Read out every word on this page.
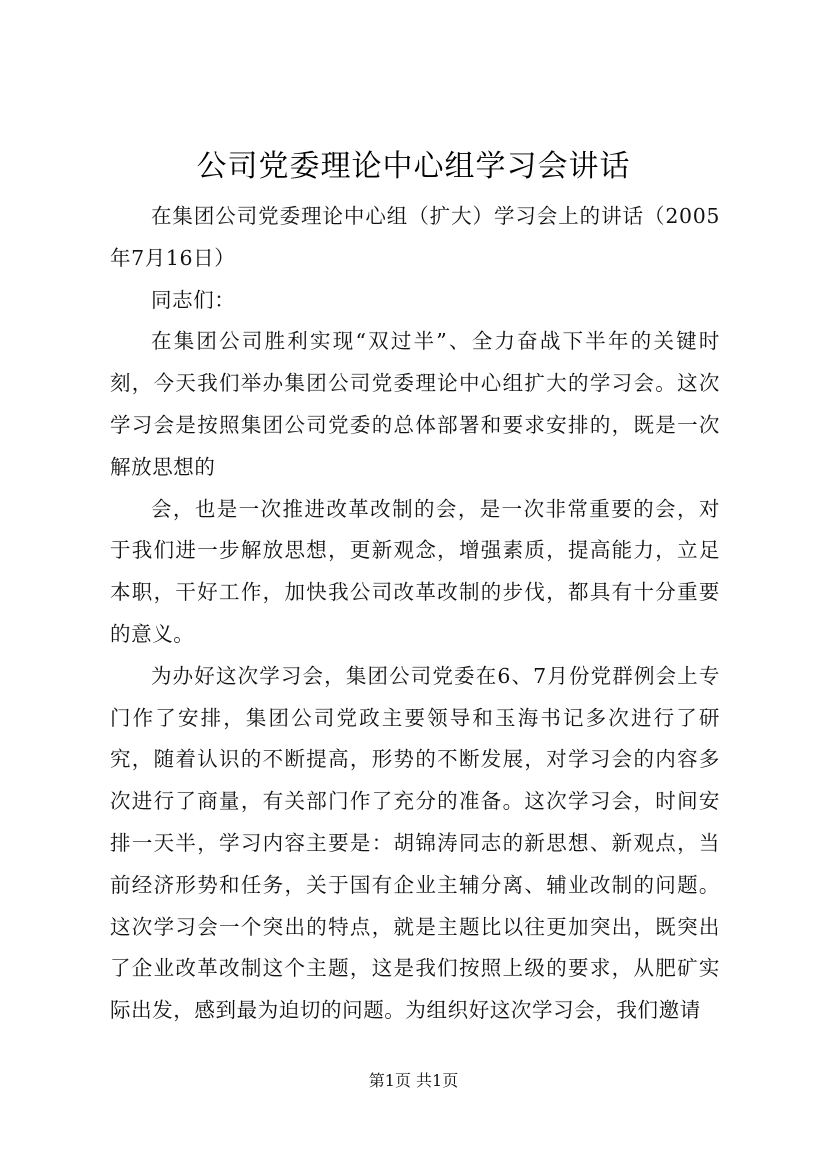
公司党委理论中心组学习会讲话

在集团公司党委理论中心组（扩大）学习会上的讲话（2005年7月16日）

同志们：

在集团公司胜利实现“双过半”、全力奋战下半年的关键时刻，今天我们举办集团公司党委理论中心组扩大的学习会。这次学习会是按照集团公司党委的总体部署和要求安排的，既是一次解放思想的

会，也是一次推进改革改制的会，是一次非常重要的会，对于我们进一步解放思想，更新观念，增强素质，提高能力，立足本职，干好工作，加快我公司改革改制的步伐，都具有十分重要的意义。

为办好这次学习会，集团公司党委在6、7月份党群例会上专门作了安排，集团公司党政主要领导和玉海书记多次进行了研究，随着认识的不断提高，形势的不断发展，对学习会的内容多次进行了商量，有关部门作了充分的准备。这次学习会，时间安排一天半，学习内容主要是：胡锦涛同志的新思想、新观点，当前经济形势和任务，关于国有企业主辅分离、辅业改制的问题。这次学习会一个突出的特点，就是主题比以往更加突出，既突出了企业改革改制这个主题，这是我们按照上级的要求，从肥矿实际出发，感到最为迫切的问题。为组织好这次学习会，我们邀请

第1页 共1页
